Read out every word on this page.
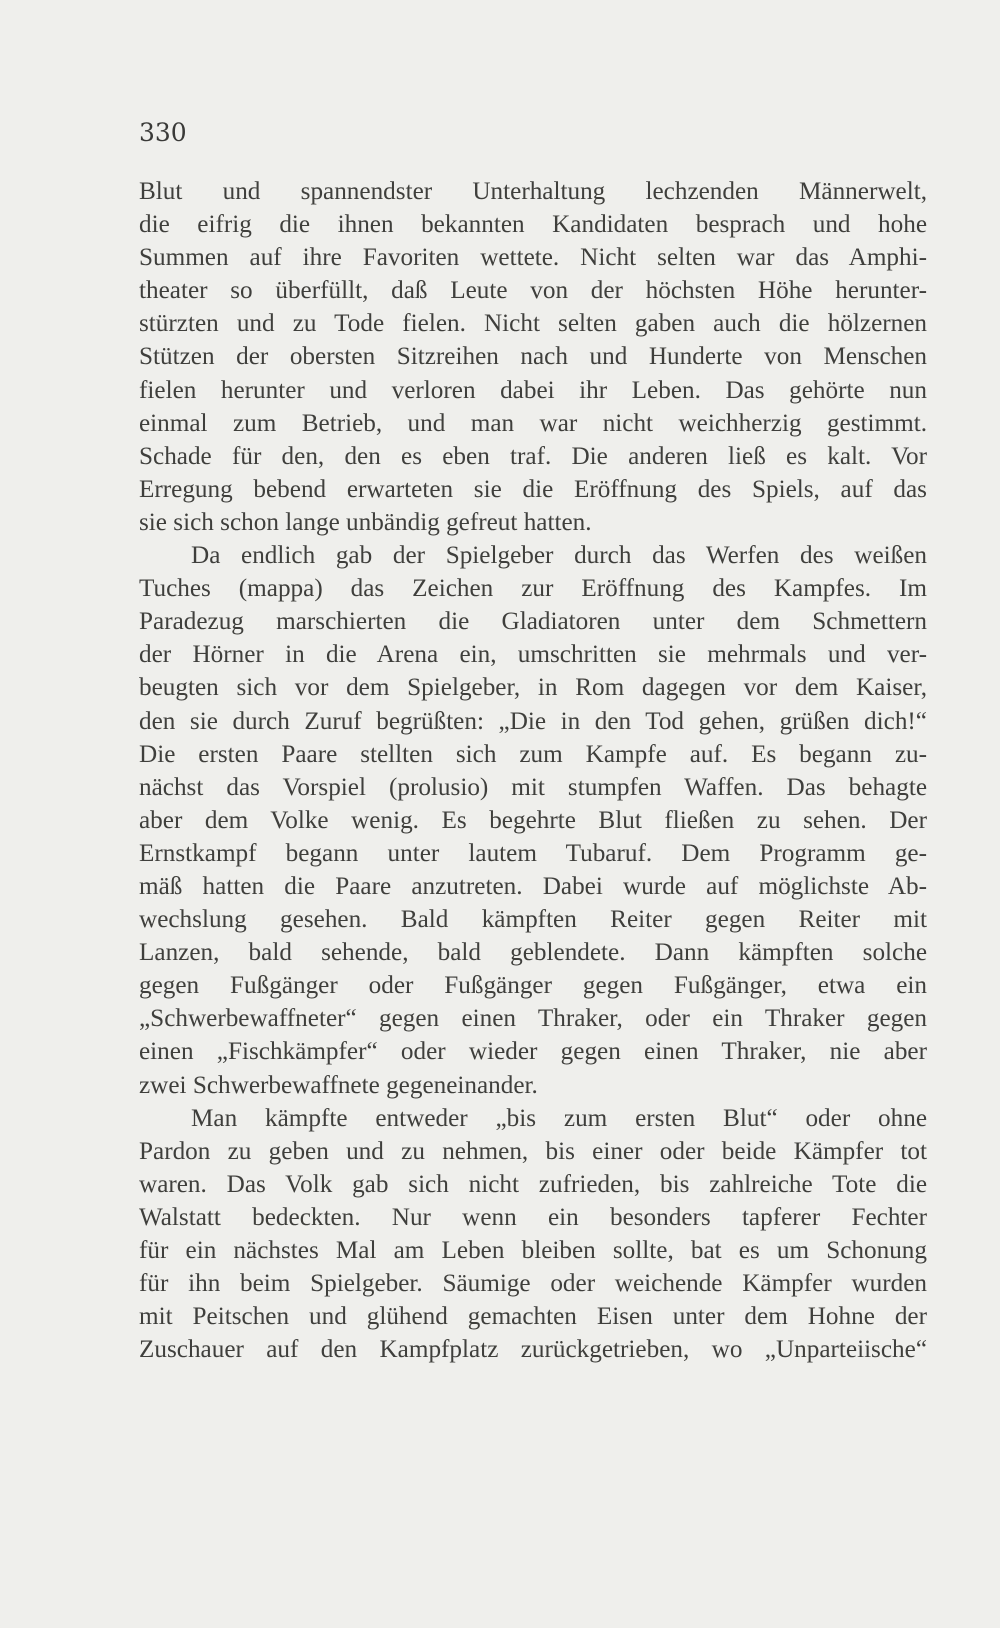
330
Blut und spannendster Unterhaltung lechzenden Männerwelt,
die eifrig die ihnen bekannten Kandidaten besprach und hohe
Summen auf ihre Favoriten wettete. Nicht selten war das Amphi-
theater so überfüllt, daß Leute von der höchsten Höhe herunter-
stürzten und zu Tode fielen. Nicht selten gaben auch die hölzernen
Stützen der obersten Sitzreihen nach und Hunderte von Menschen
fielen herunter und verloren dabei ihr Leben. Das gehörte nun
einmal zum Betrieb, und man war nicht weichherzig gestimmt.
Schade für den, den es eben traf. Die anderen ließ es kalt. Vor
Erregung bebend erwarteten sie die Eröffnung des Spiels, auf das
sie sich schon lange unbändig gefreut hatten.
Da endlich gab der Spielgeber durch das Werfen des weißen
Tuches (mappa) das Zeichen zur Eröffnung des Kampfes. Im
Paradezug marschierten die Gladiatoren unter dem Schmettern
der Hörner in die Arena ein, umschritten sie mehrmals und ver-
beugten sich vor dem Spielgeber, in Rom dagegen vor dem Kaiser,
den sie durch Zuruf begrüßten: „Die in den Tod gehen, grüßen dich!“
Die ersten Paare stellten sich zum Kampfe auf. Es begann zu-
nächst das Vorspiel (prolusio) mit stumpfen Waffen. Das behagte
aber dem Volke wenig. Es begehrte Blut fließen zu sehen. Der
Ernstkampf begann unter lautem Tubaruf. Dem Programm ge-
mäß hatten die Paare anzutreten. Dabei wurde auf möglichste Ab-
wechslung gesehen. Bald kämpften Reiter gegen Reiter mit
Lanzen, bald sehende, bald geblendete. Dann kämpften solche
gegen Fußgänger oder Fußgänger gegen Fußgänger, etwa ein
„Schwerbewaffneter“ gegen einen Thraker, oder ein Thraker gegen
einen „Fischkämpfer“ oder wieder gegen einen Thraker, nie aber
zwei Schwerbewaffnete gegeneinander.
Man kämpfte entweder „bis zum ersten Blut“ oder ohne
Pardon zu geben und zu nehmen, bis einer oder beide Kämpfer tot
waren. Das Volk gab sich nicht zufrieden, bis zahlreiche Tote die
Walstatt bedeckten. Nur wenn ein besonders tapferer Fechter
für ein nächstes Mal am Leben bleiben sollte, bat es um Schonung
für ihn beim Spielgeber. Säumige oder weichende Kämpfer wurden
mit Peitschen und glühend gemachten Eisen unter dem Hohne der
Zuschauer auf den Kampfplatz zurückgetrieben, wo „Unparteiische“
